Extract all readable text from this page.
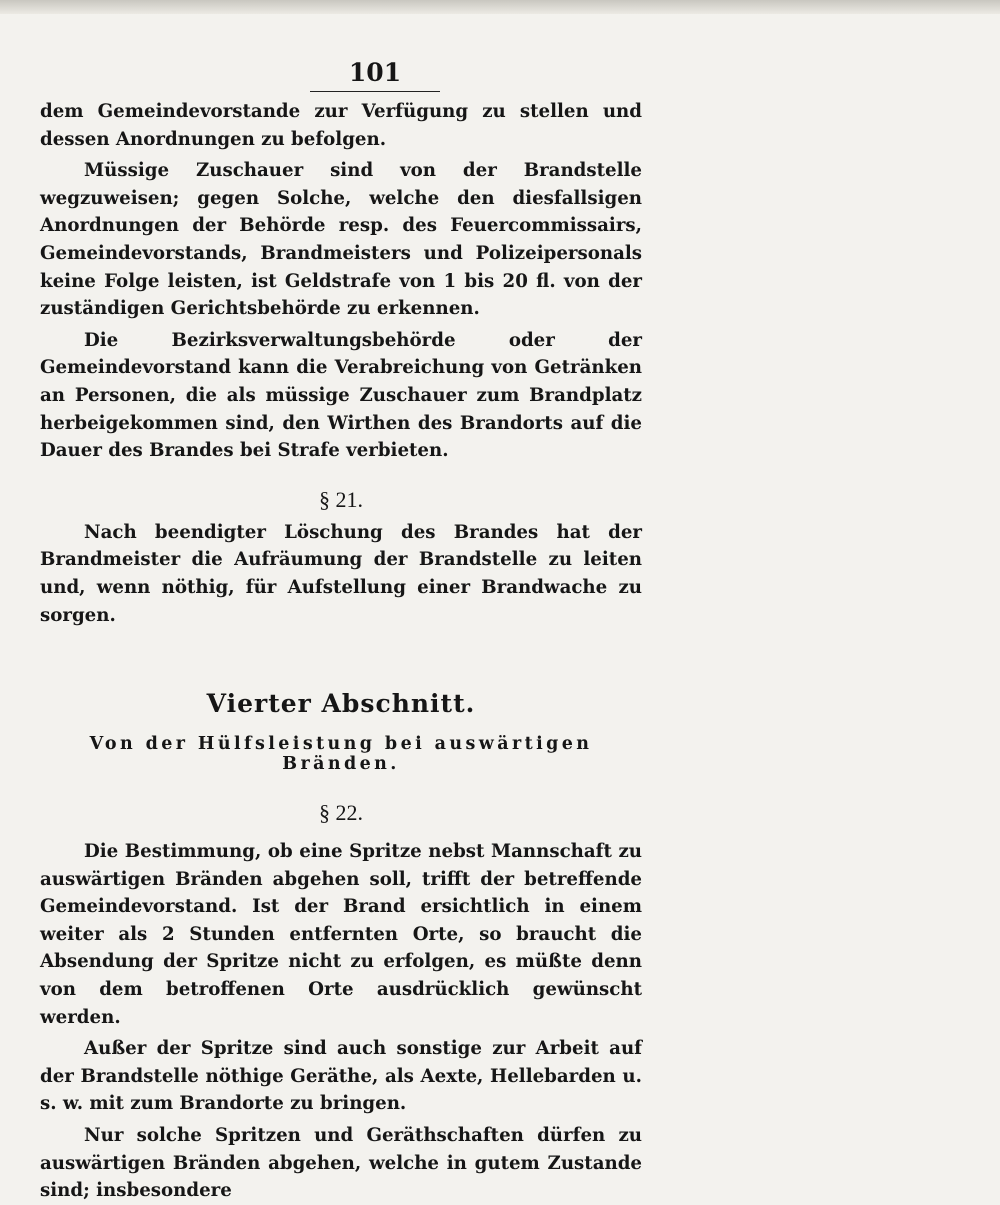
101

dem Gemeindevorstande zur Verfügung zu stellen und dessen Anordnungen zu befolgen.

Müssige Zuschauer sind von der Brandstelle wegzuweisen; gegen Solche, welche den diesfallsigen Anordnungen der Behörde resp. des Feuercommissairs, Gemeindevorstands, Brandmeisters und Polizeipersonals keine Folge leisten, ist Geldstrafe von 1 bis 20 fl. von der zuständigen Gerichtsbehörde zu erkennen.

Die Bezirksverwaltungsbehörde oder der Gemeindevorstand kann die Verabreichung von Getränken an Personen, die als müssige Zuschauer zum Brandplatz herbeigekommen sind, den Wirthen des Brandorts auf die Dauer des Brandes bei Strafe verbieten.

§ 21.

Nach beendigter Löschung des Brandes hat der Brandmeister die Aufräumung der Brandstelle zu leiten und, wenn nöthig, für Aufstellung einer Brandwache zu sorgen.

Vierter Abschnitt.
Von der Hülfsleistung bei auswärtigen Bränden.
§ 22.

Die Bestimmung, ob eine Spritze nebst Mannschaft zu auswärtigen Bränden abgehen soll, trifft der betreffende Gemeindevorstand. Ist der Brand ersichtlich in einem weiter als 2 Stunden entfernten Orte, so braucht die Absendung der Spritze nicht zu erfolgen, es müßte denn von dem betroffenen Orte ausdrücklich gewünscht werden.

Außer der Spritze sind auch sonstige zur Arbeit auf der Brandstelle nöthige Geräthe, als Aexte, Hellebarden u. s. w. mit zum Brandorte zu bringen.

Nur solche Spritzen und Geräthschaften dürfen zu auswärtigen Bränden abgehen, welche in gutem Zustande sind; insbesondere
